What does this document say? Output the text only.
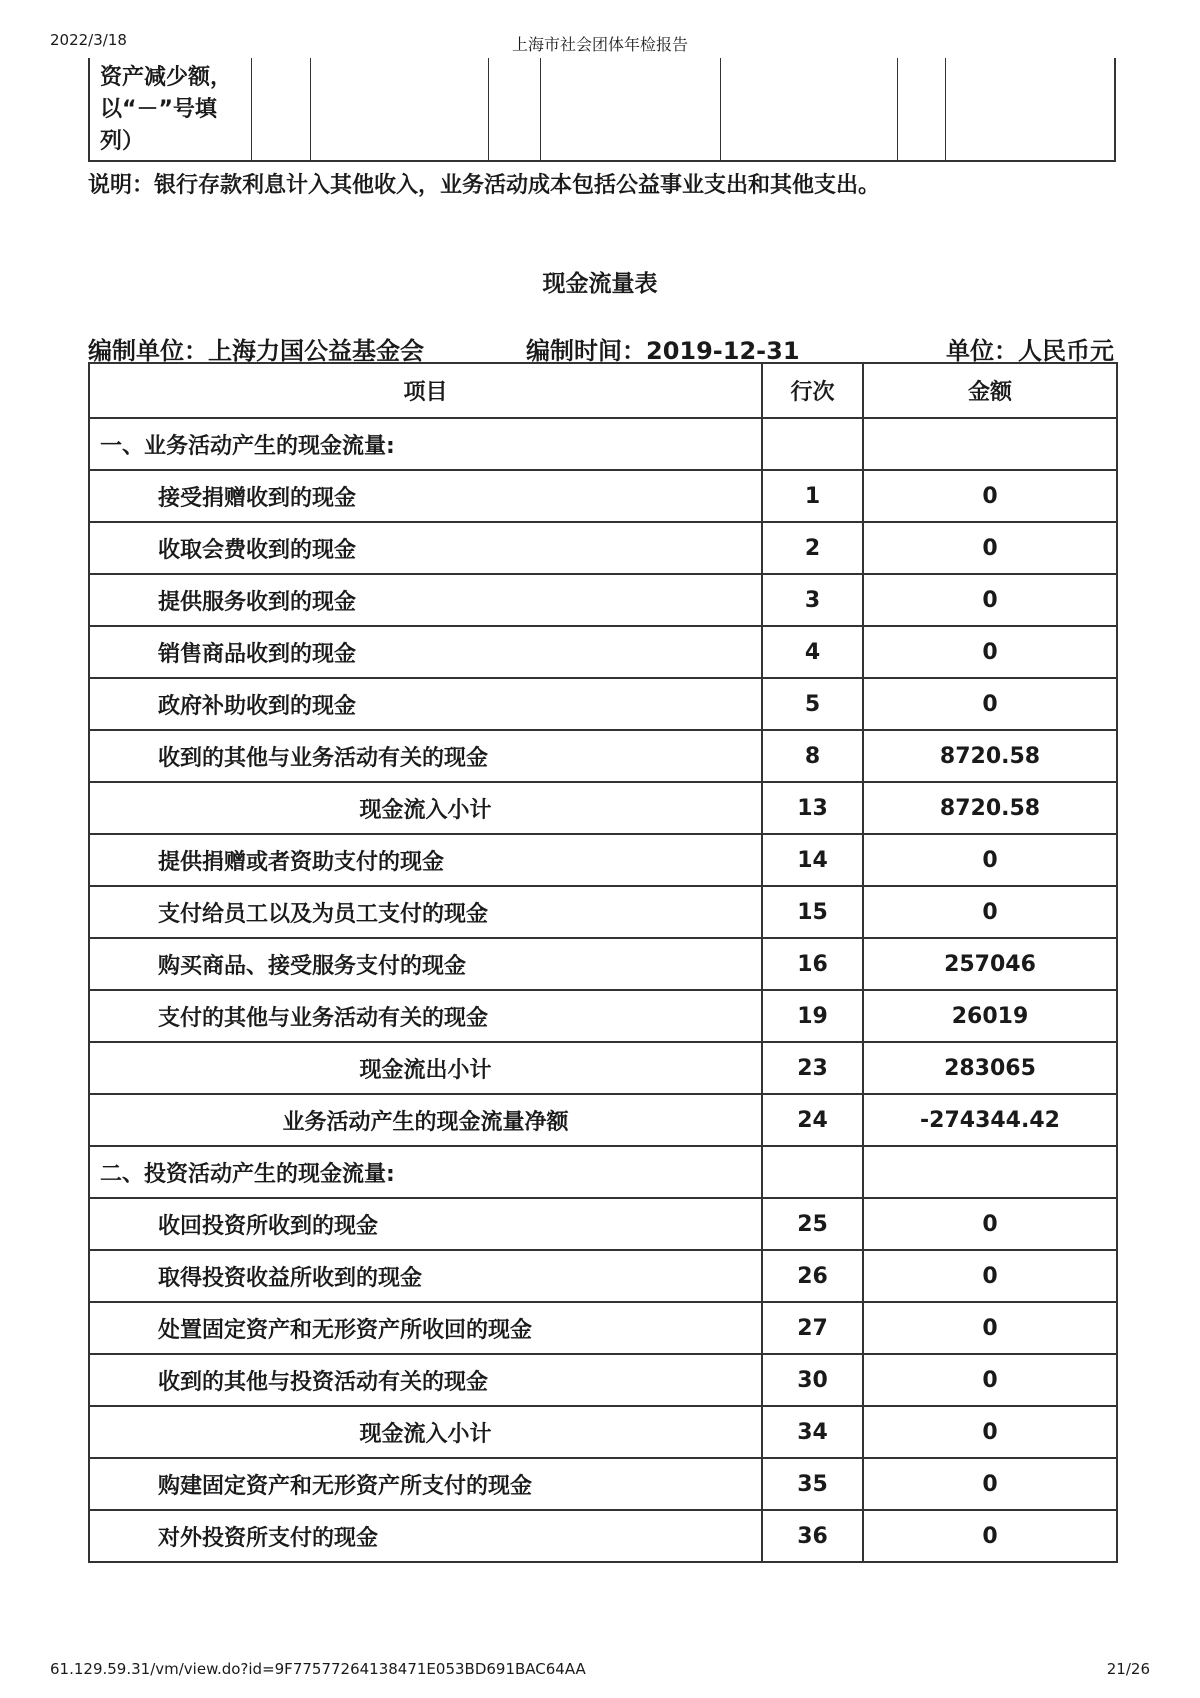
2022/3/18	上海市社会团体年检报告
资产减少额，
以“－”号填
列）
说明：银行存款利息计入其他收入，业务活动成本包括公益事业支出和其他支出。
现金流量表
编制单位：上海力国公益基金会	编制时间：2019-12-31	单位：人民币元
项目	行次	金额
一、业务活动产生的现金流量:		
接受捐赠收到的现金	1	0
收取会费收到的现金	2	0
提供服务收到的现金	3	0
销售商品收到的现金	4	0
政府补助收到的现金	5	0
收到的其他与业务活动有关的现金	8	8720.58
现金流入小计	13	8720.58
提供捐赠或者资助支付的现金	14	0
支付给员工以及为员工支付的现金	15	0
购买商品、接受服务支付的现金	16	257046
支付的其他与业务活动有关的现金	19	26019
现金流出小计	23	283065
业务活动产生的现金流量净额	24	-274344.42
二、投资活动产生的现金流量:		
收回投资所收到的现金	25	0
取得投资收益所收到的现金	26	0
处置固定资产和无形资产所收回的现金	27	0
收到的其他与投资活动有关的现金	30	0
现金流入小计	34	0
购建固定资产和无形资产所支付的现金	35	0
对外投资所支付的现金	36	0
61.129.59.31/vm/view.do?id=9F77577264138471E053BD691BAC64AA	21/26
